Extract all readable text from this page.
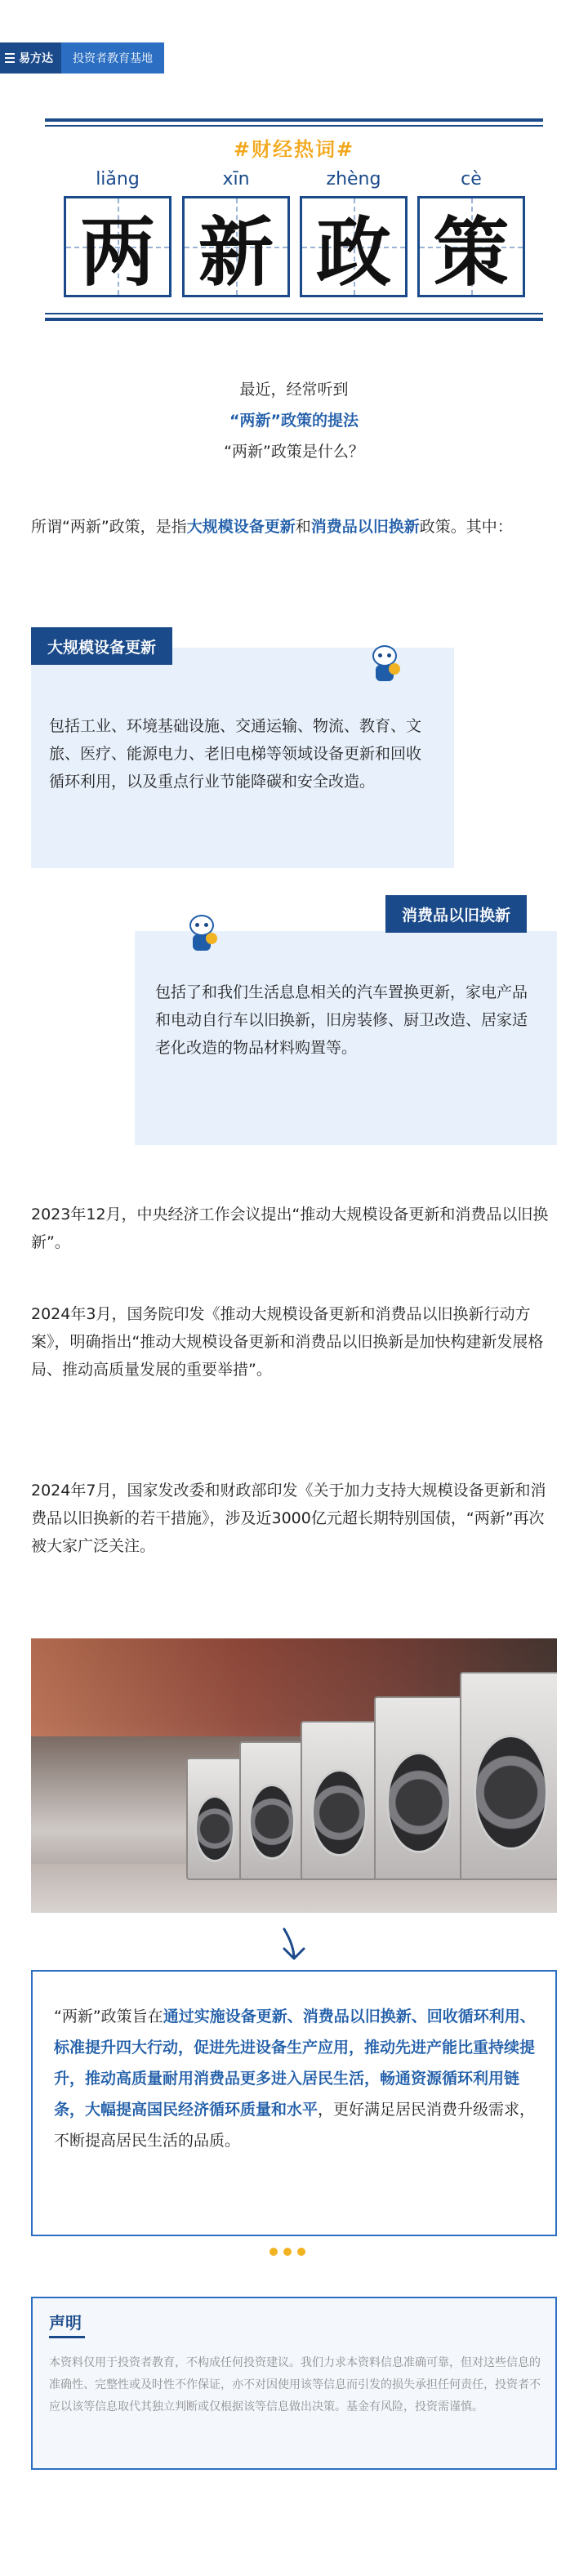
易方达	投资者教育基地
#财经热词#
liǎng	xīn	zhèng	cè
两 新 政 策
最近，经常听到
“两新”政策的提法
“两新”政策是什么？
所谓“两新”政策，是指大规模设备更新和消费品以旧换新政策。其中：
大规模设备更新
包括工业、环境基础设施、交通运输、物流、教育、文旅、医疗、能源电力、老旧电梯等领域设备更新和回收循环利用，以及重点行业节能降碳和安全改造。
消费品以旧换新
包括了和我们生活息息相关的汽车置换更新，家电产品和电动自行车以旧换新，旧房装修、厨卫改造、居家适老化改造的物品材料购置等。
2023年12月，中央经济工作会议提出“推动大规模设备更新和消费品以旧换新”。
2024年3月，国务院印发《推动大规模设备更新和消费品以旧换新行动方案》，明确指出“推动大规模设备更新和消费品以旧换新是加快构建新发展格局、推动高质量发展的重要举措”。
2024年7月，国家发改委和财政部印发《关于加力支持大规模设备更新和消费品以旧换新的若干措施》，涉及近3000亿元超长期特别国债，“两新”再次被大家广泛关注。
“两新”政策旨在通过实施设备更新、消费品以旧换新、回收循环利用、标准提升四大行动，促进先进设备生产应用，推动先进产能比重持续提升，推动高质量耐用消费品更多进入居民生活，畅通资源循环利用链条，大幅提高国民经济循环质量和水平，更好满足居民消费升级需求，不断提高居民生活的品质。
声明
本资料仅用于投资者教育，不构成任何投资建议。我们力求本资料信息准确可靠，但对这些信息的准确性、完整性或及时性不作保证，亦不对因使用该等信息而引发的损失承担任何责任，投资者不应以该等信息取代其独立判断或仅根据该等信息做出决策。基金有风险，投资需谨慎。
